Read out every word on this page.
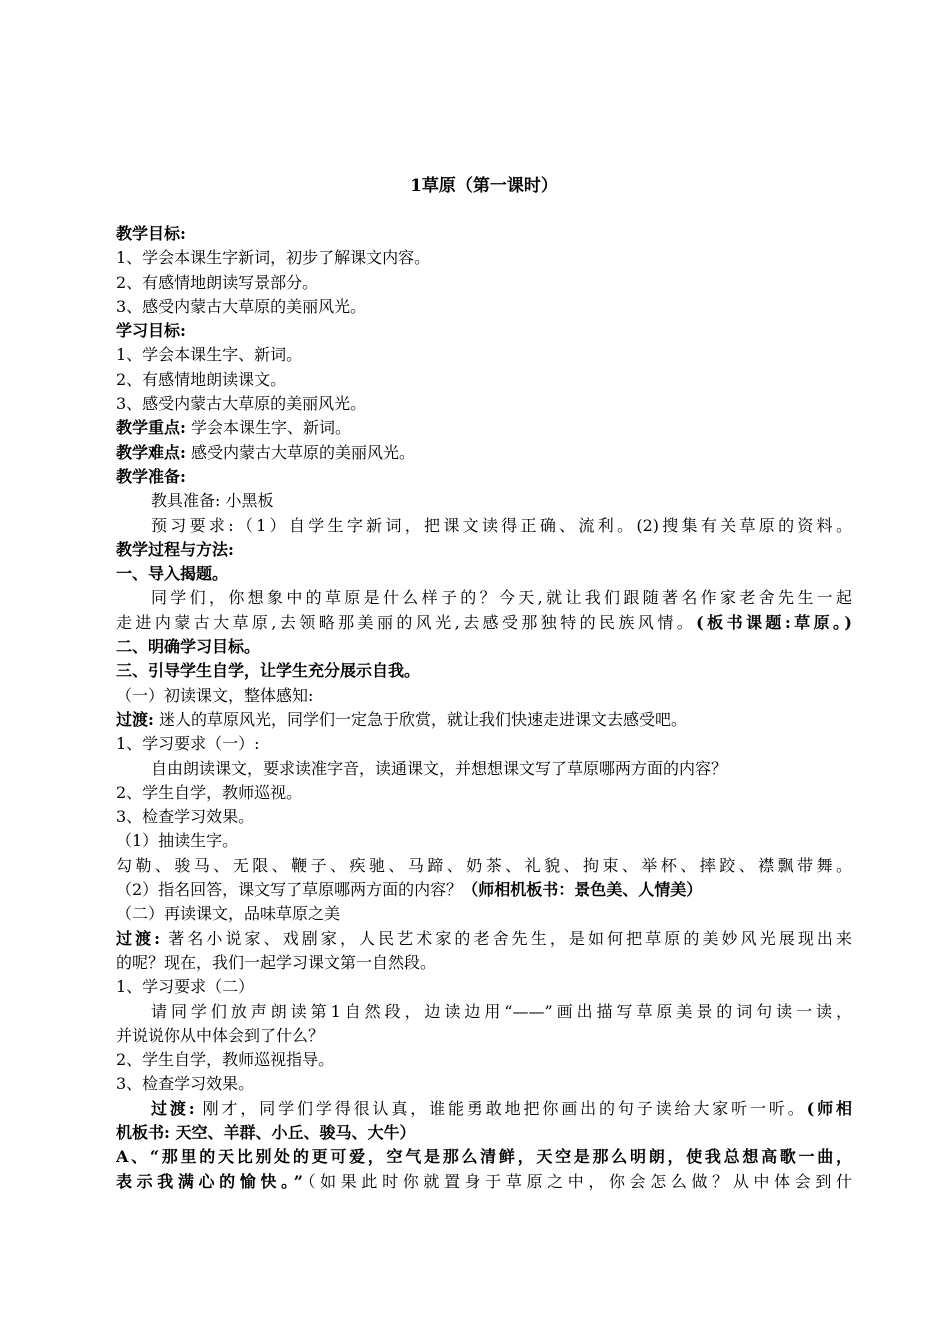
1草原（第一课时）
教学目标:
1、学会本课生字新词，初步了解课文内容。
2、有感情地朗读写景部分。
3、感受内蒙古大草原的美丽风光。
学习目标:
1、学会本课生字、新词。
2、有感情地朗读课文。
3、感受内蒙古大草原的美丽风光。
教学重点: 学会本课生字、新词。
教学难点: 感受内蒙古大草原的美丽风光。
教学准备:
教具准备: 小黑板
预习要求:（1）自学生字新词，把课文读得正确、流利。(2)搜集有关草原的资料。
教学过程与方法:
一、导入揭题。
同学们，你想象中的草原是什么样子的？今天,就让我们跟随著名作家老舍先生一起
走进内蒙古大草原,去领略那美丽的风光,去感受那独特的民族风情。(板书课题:草原。)
二、明确学习目标。
三、引导学生自学，让学生充分展示自我。
（一）初读课文，整体感知:
过渡: 迷人的草原风光，同学们一定急于欣赏，就让我们快速走进课文去感受吧。
1、学习要求（一）:
自由朗读课文，要求读准字音，读通课文，并想想课文写了草原哪两方面的内容？
2、学生自学，教师巡视。
3、检查学习效果。
（1）抽读生字。
勾勒、骏马、无限、鞭子、疾驰、马蹄、奶茶、礼貌、拘束、举杯、摔跤、襟飘带舞。
（2）指名回答，课文写了草原哪两方面的内容？（师相机板书：景色美、人情美）
（二）再读课文，品味草原之美
过渡: 著名小说家、戏剧家，人民艺术家的老舍先生，是如何把草原的美妙风光展现出来
的呢？现在，我们一起学习课文第一自然段。
1、学习要求（二）
请同学们放声朗读第1自然段，边读边用“——”画出描写草原美景的词句读一读，
并说说你从中体会到了什么？
2、学生自学，教师巡视指导。
3、检查学习效果。
过渡: 刚才，同学们学得很认真，谁能勇敢地把你画出的句子读给大家听一听。(师相
机板书: 天空、羊群、小丘、骏马、大牛）
A、“那里的天比别处的更可爱，空气是那么清鲜，天空是那么明朗，使我总想高歌一曲，
表示我满心的愉快。”（如果此时你就置身于草原之中，你会怎么做？从中体会到什
